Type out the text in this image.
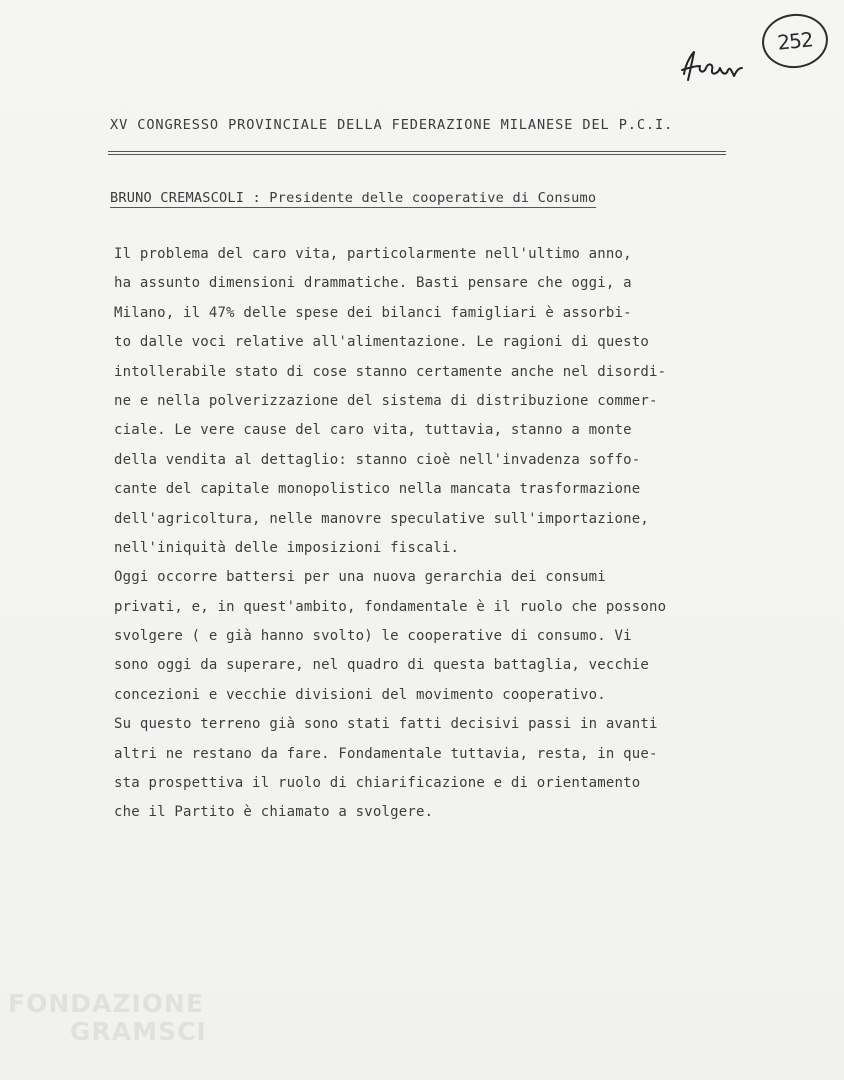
252
XV CONGRESSO PROVINCIALE DELLA FEDERAZIONE MILANESE DEL P.C.I.
BRUNO CREMASCOLI : Presidente delle cooperative di Consumo
Il problema del caro vita, particolarmente nell'ultimo anno,
ha assunto dimensioni drammatiche. Basti pensare che oggi, a
Milano, il 47% delle spese dei bilanci famigliari è assorbi-
to dalle voci relative all'alimentazione. Le ragioni di questo
intollerabile stato di cose stanno certamente anche nel disordi-
ne e nella polverizzazione del sistema di distribuzione commer-
ciale. Le vere cause del caro vita, tuttavia, stanno a monte
della vendita al dettaglio: stanno cioè nell'invadenza soffo-
cante del capitale monopolistico nella mancata trasformazione
dell'agricoltura, nelle manovre speculative sull'importazione,
nell'iniquità delle imposizioni fiscali.
Oggi occorre battersi per una nuova gerarchia dei consumi
privati, e, in quest'ambito, fondamentale è il ruolo che possono
svolgere ( e già hanno svolto) le cooperative di consumo. Vi
sono oggi da superare, nel quadro di questa battaglia, vecchie
concezioni e vecchie divisioni del movimento cooperativo.
Su questo terreno già sono stati fatti decisivi passi in avanti
altri ne restano da fare. Fondamentale tuttavia, resta, in que-
sta prospettiva il ruolo di chiarificazione e di orientamento
che il Partito è chiamato a svolgere.
FONDAZIONE
GRAMSCI
